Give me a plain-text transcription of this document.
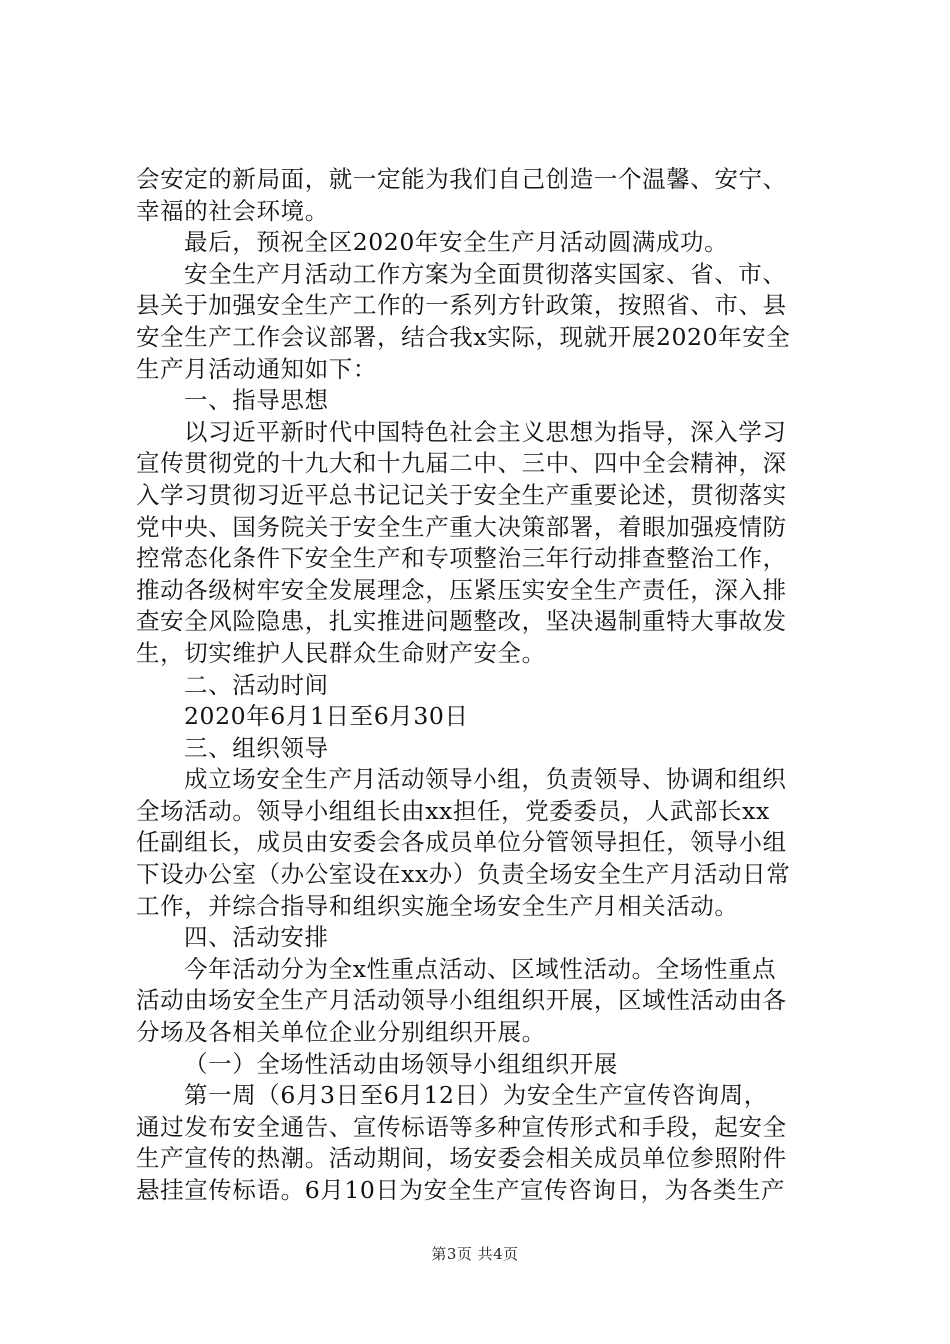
会安定的新局面，就一定能为我们自己创造一个温馨、安宁、
幸福的社会环境。

最后，预祝全区2020年安全生产月活动圆满成功。

安全生产月活动工作方案为全面贯彻落实国家、省、市、
县关于加强安全生产工作的一系列方针政策，按照省、市、县
安全生产工作会议部署，结合我x实际，现就开展2020年安全
生产月活动通知如下：

一、指导思想

以习近平新时代中国特色社会主义思想为指导，深入学习
宣传贯彻党的十九大和十九届二中、三中、四中全会精神，深
入学习贯彻习近平总书记记关于安全生产重要论述，贯彻落实
党中央、国务院关于安全生产重大决策部署，着眼加强疫情防
控常态化条件下安全生产和专项整治三年行动排查整治工作，
推动各级树牢安全发展理念，压紧压实安全生产责任，深入排
查安全风险隐患，扎实推进问题整改，坚决遏制重特大事故发
生，切实维护人民群众生命财产安全。

二、活动时间

2020年6月1日至6月30日

三、组织领导

成立场安全生产月活动领导小组，负责领导、协调和组织
全场活动。领导小组组长由xx担任，党委委员，人武部长xx
任副组长，成员由安委会各成员单位分管领导担任，领导小组
下设办公室（办公室设在xx办）负责全场安全生产月活动日常
工作，并综合指导和组织实施全场安全生产月相关活动。

四、活动安排

今年活动分为全x性重点活动、区域性活动。全场性重点
活动由场安全生产月活动领导小组组织开展，区域性活动由各
分场及各相关单位企业分别组织开展。

（一）全场性活动由场领导小组组织开展

第一周（6月3日至6月12日）为安全生产宣传咨询周，
通过发布安全通告、宣传标语等多种宣传形式和手段，起安全
生产宣传的热潮。活动期间，场安委会相关成员单位参照附件
悬挂宣传标语。6月10日为安全生产宣传咨询日，为各类生产

第3页 共4页
